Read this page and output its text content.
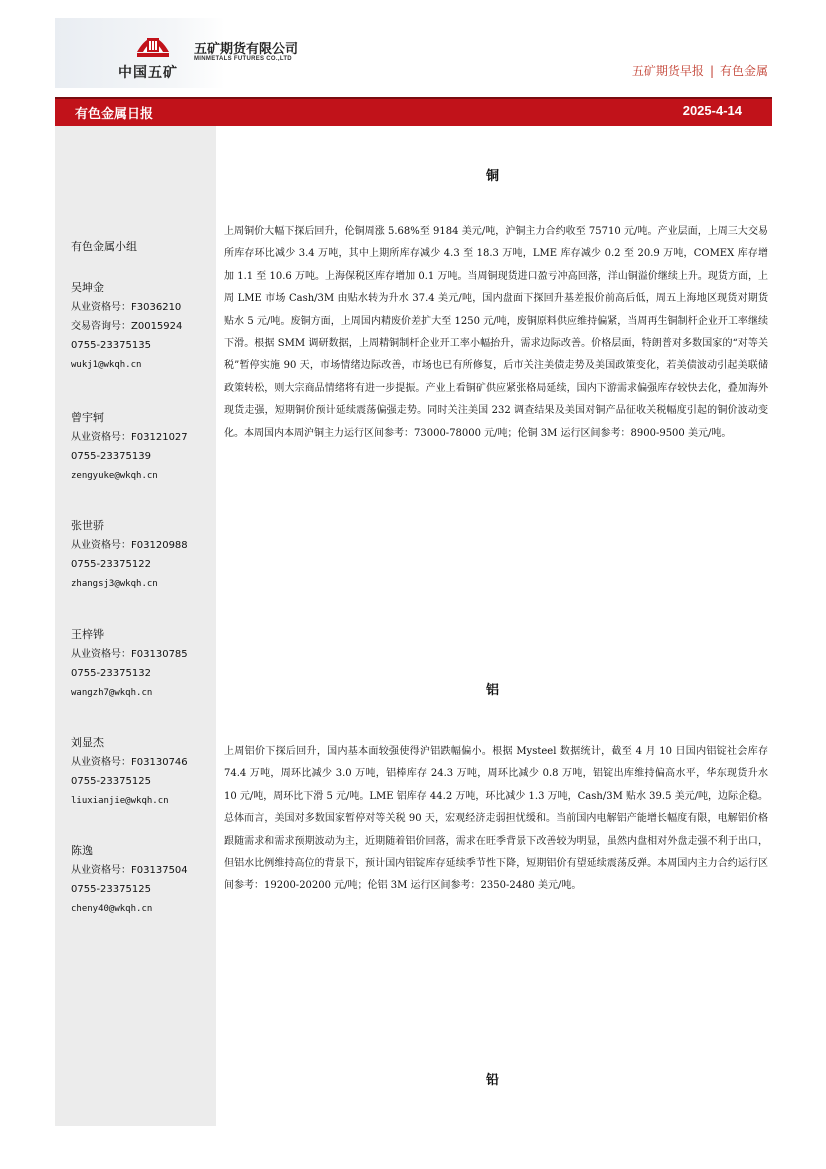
中国五矿
五矿期货有限公司
MINMETALS FUTURES CO.,LTD
五矿期货早报 | 有色金属
有色金属日报	2025-4-14
有色金属小组
吴坤金
从业资格号：F3036210
交易咨询号：Z0015924
0755-23375135
wukj1@wkqh.cn
曾宇轲
从业资格号：F03121027
0755-23375139
zengyuke@wkqh.cn
张世骄
从业资格号：F03120988
0755-23375122
zhangsj3@wkqh.cn
王梓铧
从业资格号：F03130785
0755-23375132
wangzh7@wkqh.cn
刘显杰
从业资格号：F03130746
0755-23375125
liuxianjie@wkqh.cn
陈逸
从业资格号：F03137504
0755-23375125
cheny40@wkqh.cn
铜
上周铜价大幅下探后回升，伦铜周涨 5.68%至 9184 美元/吨，沪铜主力合约收至 75710 元/吨。产业层面，上周三大交易所库存环比减少 3.4 万吨，其中上期所库存减少 4.3 至 18.3 万吨，LME 库存减少 0.2 至 20.9 万吨，COMEX 库存增加 1.1 至 10.6 万吨。上海保税区库存增加 0.1 万吨。当周铜现货进口盈亏冲高回落，洋山铜溢价继续上升。现货方面，上周 LME 市场 Cash/3M 由贴水转为升水 37.4 美元/吨，国内盘面下探回升基差报价前高后低，周五上海地区现货对期货贴水 5 元/吨。废铜方面，上周国内精废价差扩大至 1250 元/吨，废铜原料供应维持偏紧，当周再生铜制杆企业开工率继续下滑。根据 SMM 调研数据，上周精铜制杆企业开工率小幅抬升，需求边际改善。价格层面，特朗普对多数国家的“对等关税”暂停实施 90 天，市场情绪边际改善，市场也已有所修复，后市关注美债走势及美国政策变化，若美债波动引起美联储政策转松，则大宗商品情绪将有进一步提振。产业上看铜矿供应紧张格局延续，国内下游需求偏强库存较快去化，叠加海外现货走强，短期铜价预计延续震荡偏强走势。同时关注美国 232 调查结果及美国对铜产品征收关税幅度引起的铜价波动变化。本周国内本周沪铜主力运行区间参考：73000-78000 元/吨；伦铜 3M 运行区间参考：8900-9500 美元/吨。
铝
上周铝价下探后回升，国内基本面较强使得沪铝跌幅偏小。根据 Mysteel 数据统计，截至 4 月 10 日国内铝锭社会库存 74.4 万吨，周环比减少 3.0 万吨，铝棒库存 24.3 万吨，周环比减少 0.8 万吨，铝锭出库维持偏高水平，华东现货升水 10 元/吨，周环比下滑 5 元/吨。LME 铝库存 44.2 万吨，环比减少 1.3 万吨，Cash/3M 贴水 39.5 美元/吨，边际企稳。总体而言，美国对多数国家暂停对等关税 90 天，宏观经济走弱担忧缓和。当前国内电解铝产能增长幅度有限，电解铝价格跟随需求和需求预期波动为主，近期随着铝价回落，需求在旺季背景下改善较为明显，虽然内盘相对外盘走强不利于出口，但铝水比例维持高位的背景下，预计国内铝锭库存延续季节性下降，短期铝价有望延续震荡反弹。本周国内主力合约运行区间参考：19200-20200 元/吨；伦铝 3M 运行区间参考：2350-2480 美元/吨。
铅
